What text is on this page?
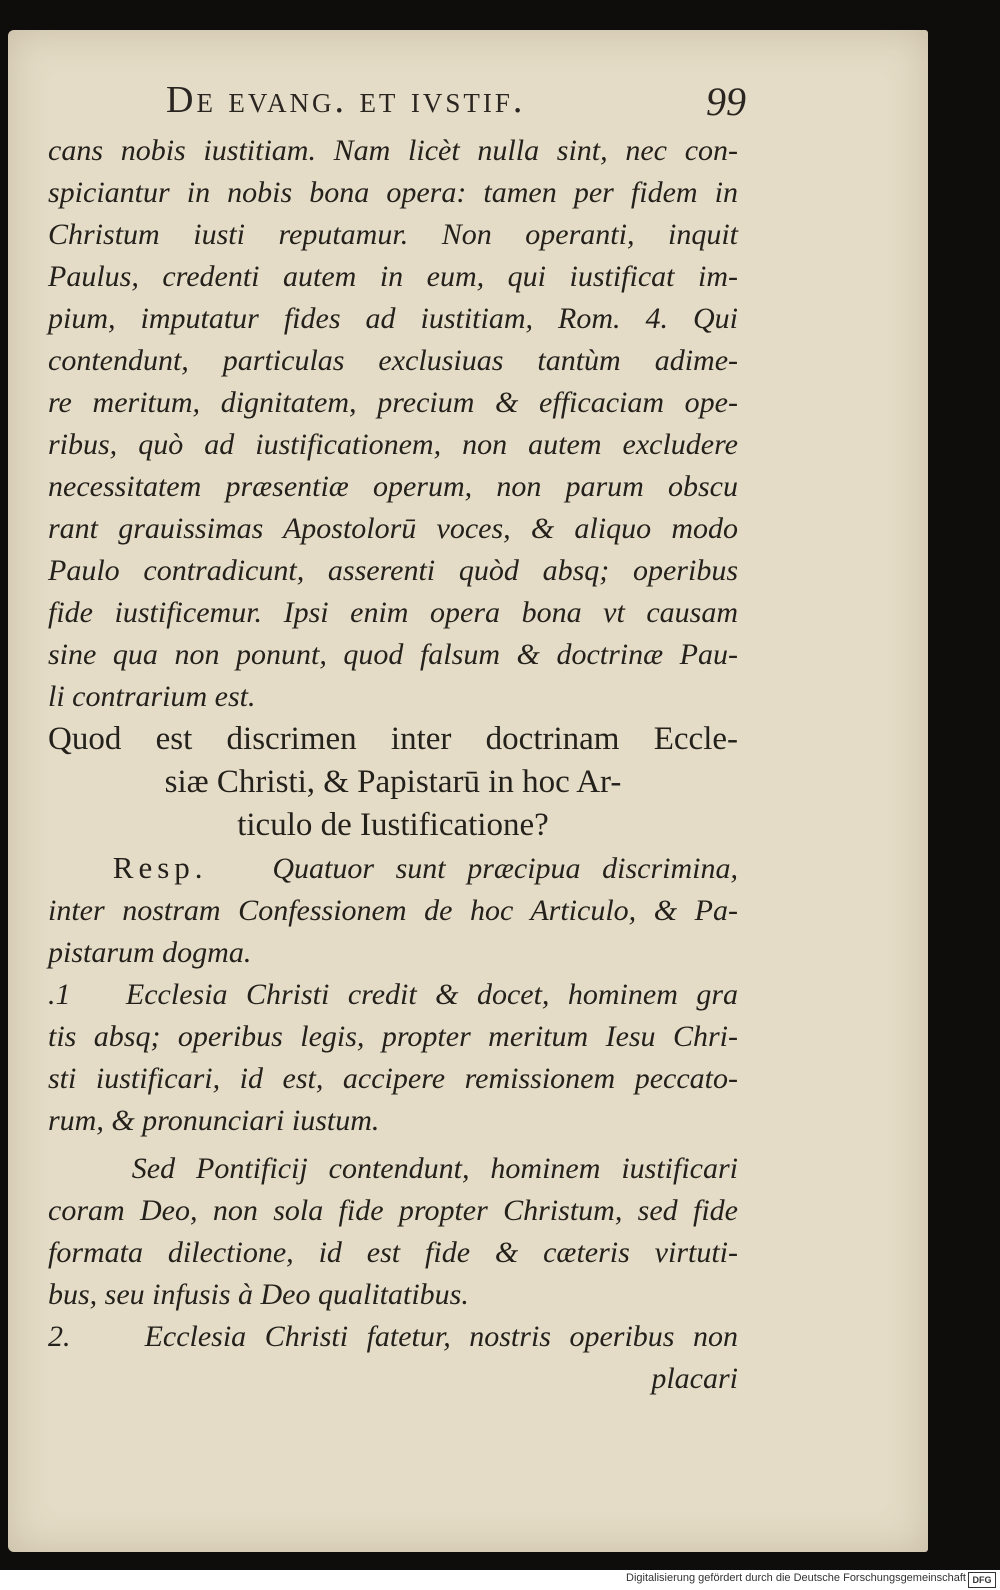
De evang. et ivstif.	99
cans nobis iustitiam. Nam licèt nulla sint, nec con-
spiciantur in nobis bona opera: tamen per fidem in
Christum iusti reputamur. Non operanti, inquit
Paulus, credenti autem in eum, qui iustificat im-
pium, imputatur fides ad iustitiam, Rom. 4. Qui
contendunt, particulas exclusiuas tantùm adime-
re meritum, dignitatem, precium & efficaciam ope-
ribus, quò ad iustificationem, non autem excludere
necessitatem præsentiæ operum, non parum obscu
rant grauissimas Apostolorū voces, & aliquo modo
Paulo contradicunt, asserenti quòd absq; operibus
fide iustificemur. Ipsi enim opera bona vt causam
sine qua non ponunt, quod falsum & doctrinæ Pau-
li contrarium est.
Quod est discrimen inter doctrinam Eccle-
siæ Christi, & Papistarū in hoc Ar-
ticulo de Iustificatione?
Resp. Quatuor sunt præcipua discrimina,
inter nostram Confessionem de hoc Articulo, & Pa-
pistarum dogma.
.1 Ecclesia Christi credit & docet, hominem gra
tis absq; operibus legis, propter meritum Iesu Chri-
sti iustificari, id est, accipere remissionem peccato-
rum, & pronunciari iustum.
Sed Pontificij contendunt, hominem iustificari
coram Deo, non sola fide propter Christum, sed fide
formata dilectione, id est fide & cæteris virtuti-
bus, seu infusis à Deo qualitatibus.
2. Ecclesia Christi fatetur, nostris operibus non
placari
Digitalisierung gefördert durch die Deutsche Forschungsgemeinschaft DFG
